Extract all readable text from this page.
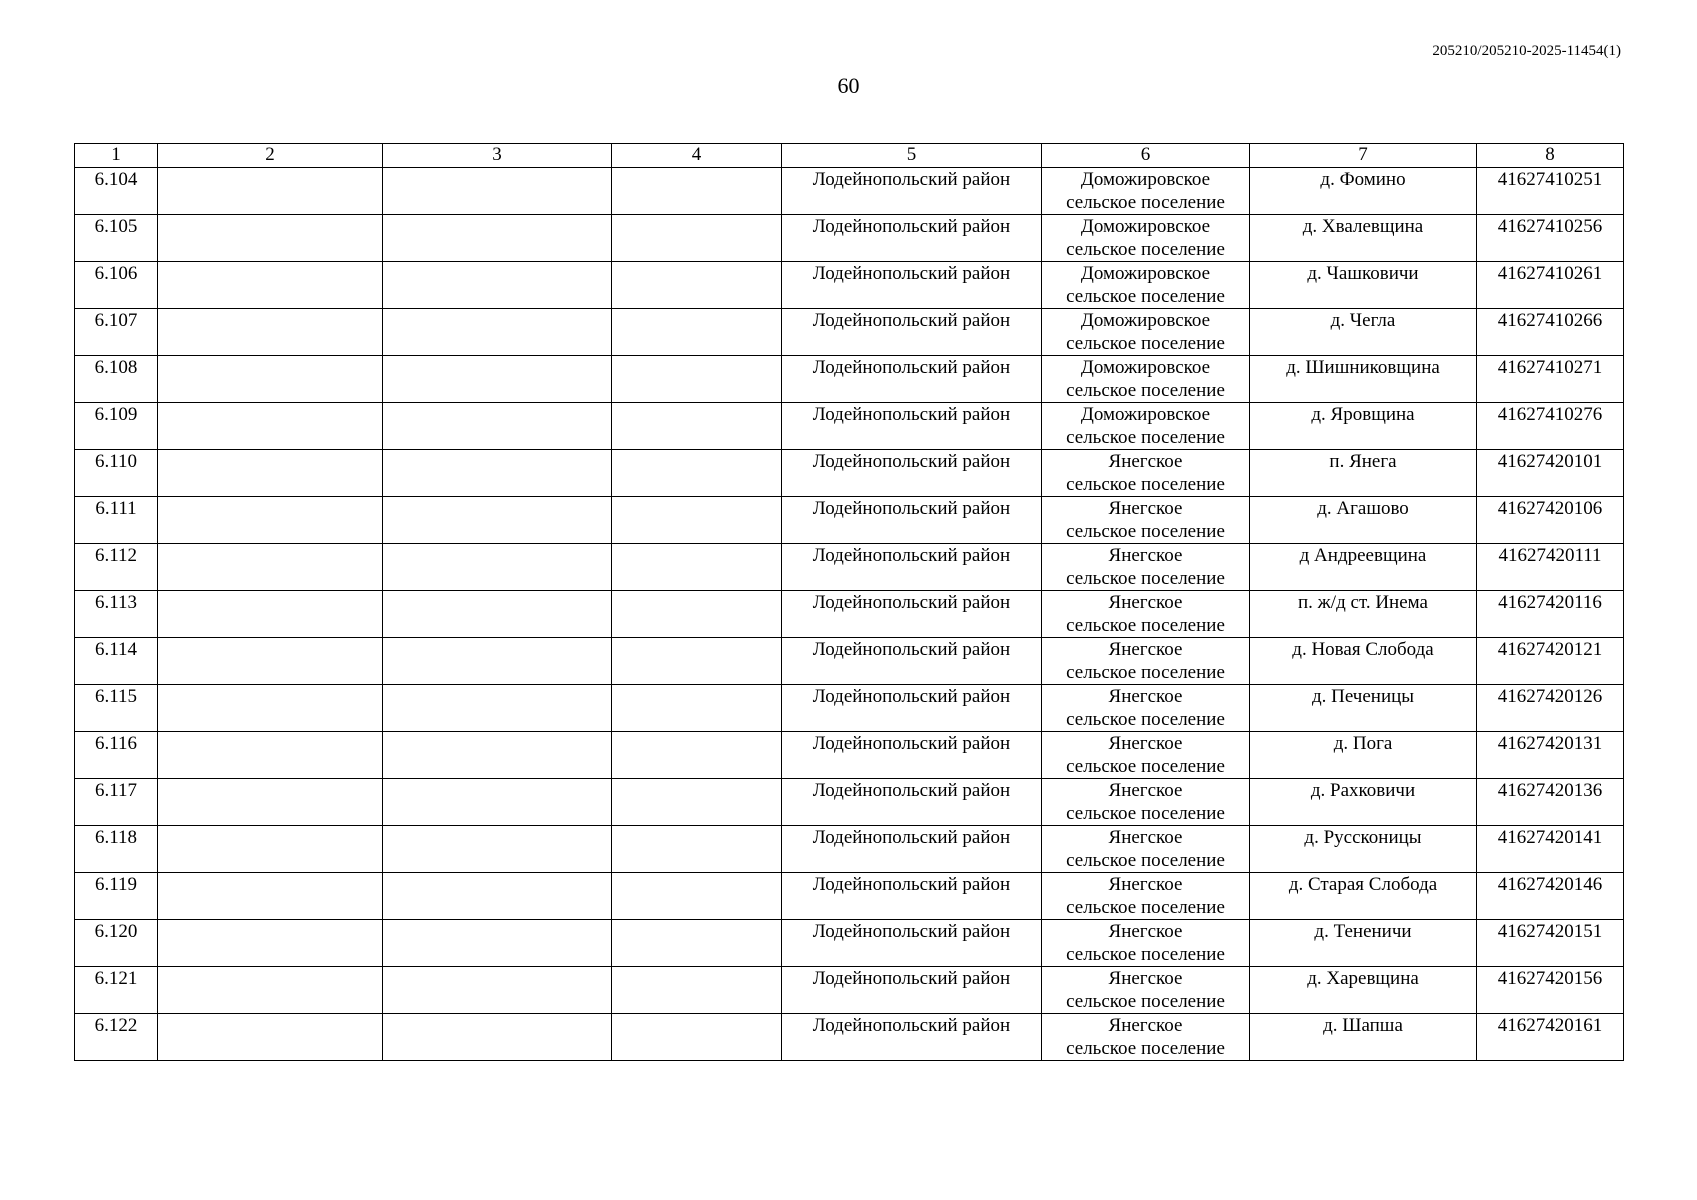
205210/205210-2025-11454(1)
60
1	2	3	4	5	6	7	8
6.104				Лодейнопольский район	Доможировское
сельское поселение	д. Фомино	41627410251
6.105				Лодейнопольский район	Доможировское
сельское поселение	д. Хвалевщина	41627410256
6.106				Лодейнопольский район	Доможировское
сельское поселение	д. Чашковичи	41627410261
6.107				Лодейнопольский район	Доможировское
сельское поселение	д. Чегла	41627410266
6.108				Лодейнопольский район	Доможировское
сельское поселение	д. Шишниковщина	41627410271
6.109				Лодейнопольский район	Доможировское
сельское поселение	д. Яровщина	41627410276
6.110				Лодейнопольский район	Янегское
сельское поселение	п. Янега	41627420101
6.111				Лодейнопольский район	Янегское
сельское поселение	д. Агашово	41627420106
6.112				Лодейнопольский район	Янегское
сельское поселение	д Андреевщина	41627420111
6.113				Лодейнопольский район	Янегское
сельское поселение	п. ж/д ст. Инема	41627420116
6.114				Лодейнопольский район	Янегское
сельское поселение	д. Новая Слобода	41627420121
6.115				Лодейнопольский район	Янегское
сельское поселение	д. Печеницы	41627420126
6.116				Лодейнопольский район	Янегское
сельское поселение	д. Пога	41627420131
6.117				Лодейнопольский район	Янегское
сельское поселение	д. Рахковичи	41627420136
6.118				Лодейнопольский район	Янегское
сельское поселение	д. Руссконицы	41627420141
6.119				Лодейнопольский район	Янегское
сельское поселение	д. Старая Слобода	41627420146
6.120				Лодейнопольский район	Янегское
сельское поселение	д. Тененичи	41627420151
6.121				Лодейнопольский район	Янегское
сельское поселение	д. Харевщина	41627420156
6.122				Лодейнопольский район	Янегское
сельское поселение	д. Шапша	41627420161
